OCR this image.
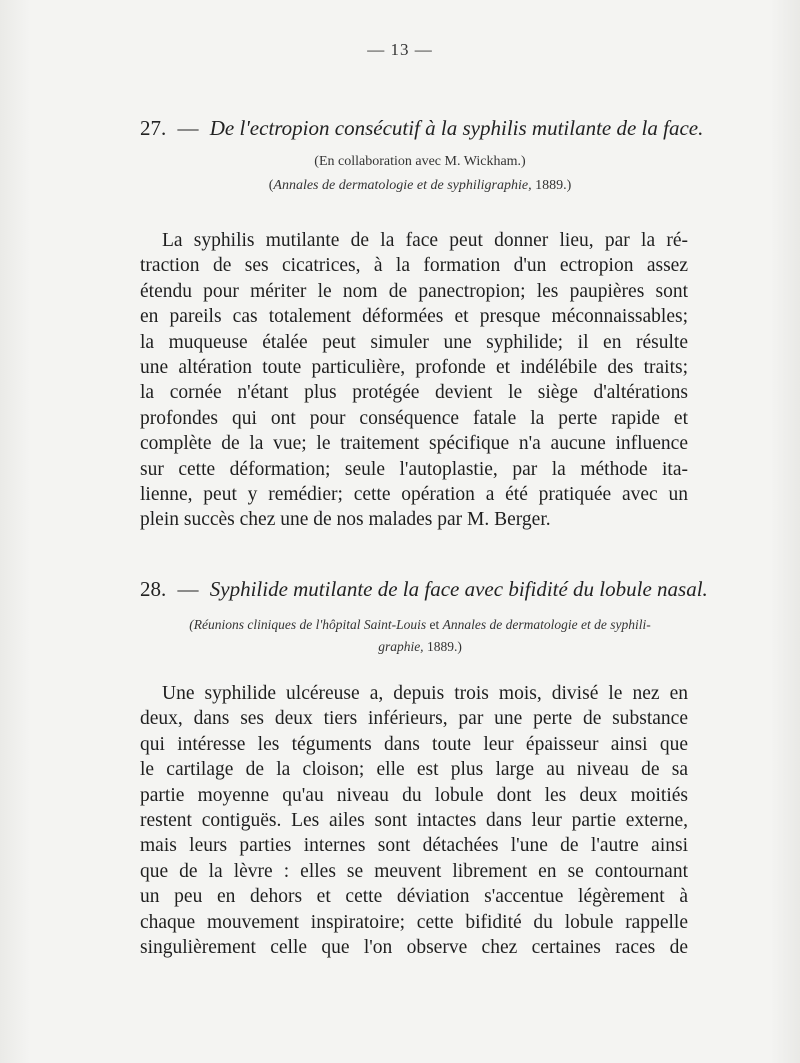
— 13 —
27. — De l'ectropion consécutif à la syphilis mutilante de la face.
(En collaboration avec M. Wickham.)
(Annales de dermatologie et de syphiligraphie, 1889.)
La syphilis mutilante de la face peut donner lieu, par la ré-
traction de ses cicatrices, à la formation d'un ectropion assez
étendu pour mériter le nom de panectropion; les paupières sont
en pareils cas totalement déformées et presque méconnaissables;
la muqueuse étalée peut simuler une syphilide; il en résulte
une altération toute particulière, profonde et indélébile des traits;
la cornée n'étant plus protégée devient le siège d'altérations
profondes qui ont pour conséquence fatale la perte rapide et
complète de la vue; le traitement spécifique n'a aucune influence
sur cette déformation; seule l'autoplastie, par la méthode ita-
lienne, peut y remédier; cette opération a été pratiquée avec un
plein succès chez une de nos malades par M. Berger.
28. — Syphilide mutilante de la face avec bifidité du lobule nasal.
(Réunions cliniques de l'hôpital Saint-Louis et Annales de dermatologie et de syphili-
graphie, 1889.)
Une syphilide ulcéreuse a, depuis trois mois, divisé le nez en
deux, dans ses deux tiers inférieurs, par une perte de substance
qui intéresse les téguments dans toute leur épaisseur ainsi que
le cartilage de la cloison; elle est plus large au niveau de sa
partie moyenne qu'au niveau du lobule dont les deux moitiés
restent contiguës. Les ailes sont intactes dans leur partie externe,
mais leurs parties internes sont détachées l'une de l'autre ainsi
que de la lèvre : elles se meuvent librement en se contournant
un peu en dehors et cette déviation s'accentue légèrement à
chaque mouvement inspiratoire; cette bifidité du lobule rappelle
singulièrement celle que l'on observe chez certaines races de
